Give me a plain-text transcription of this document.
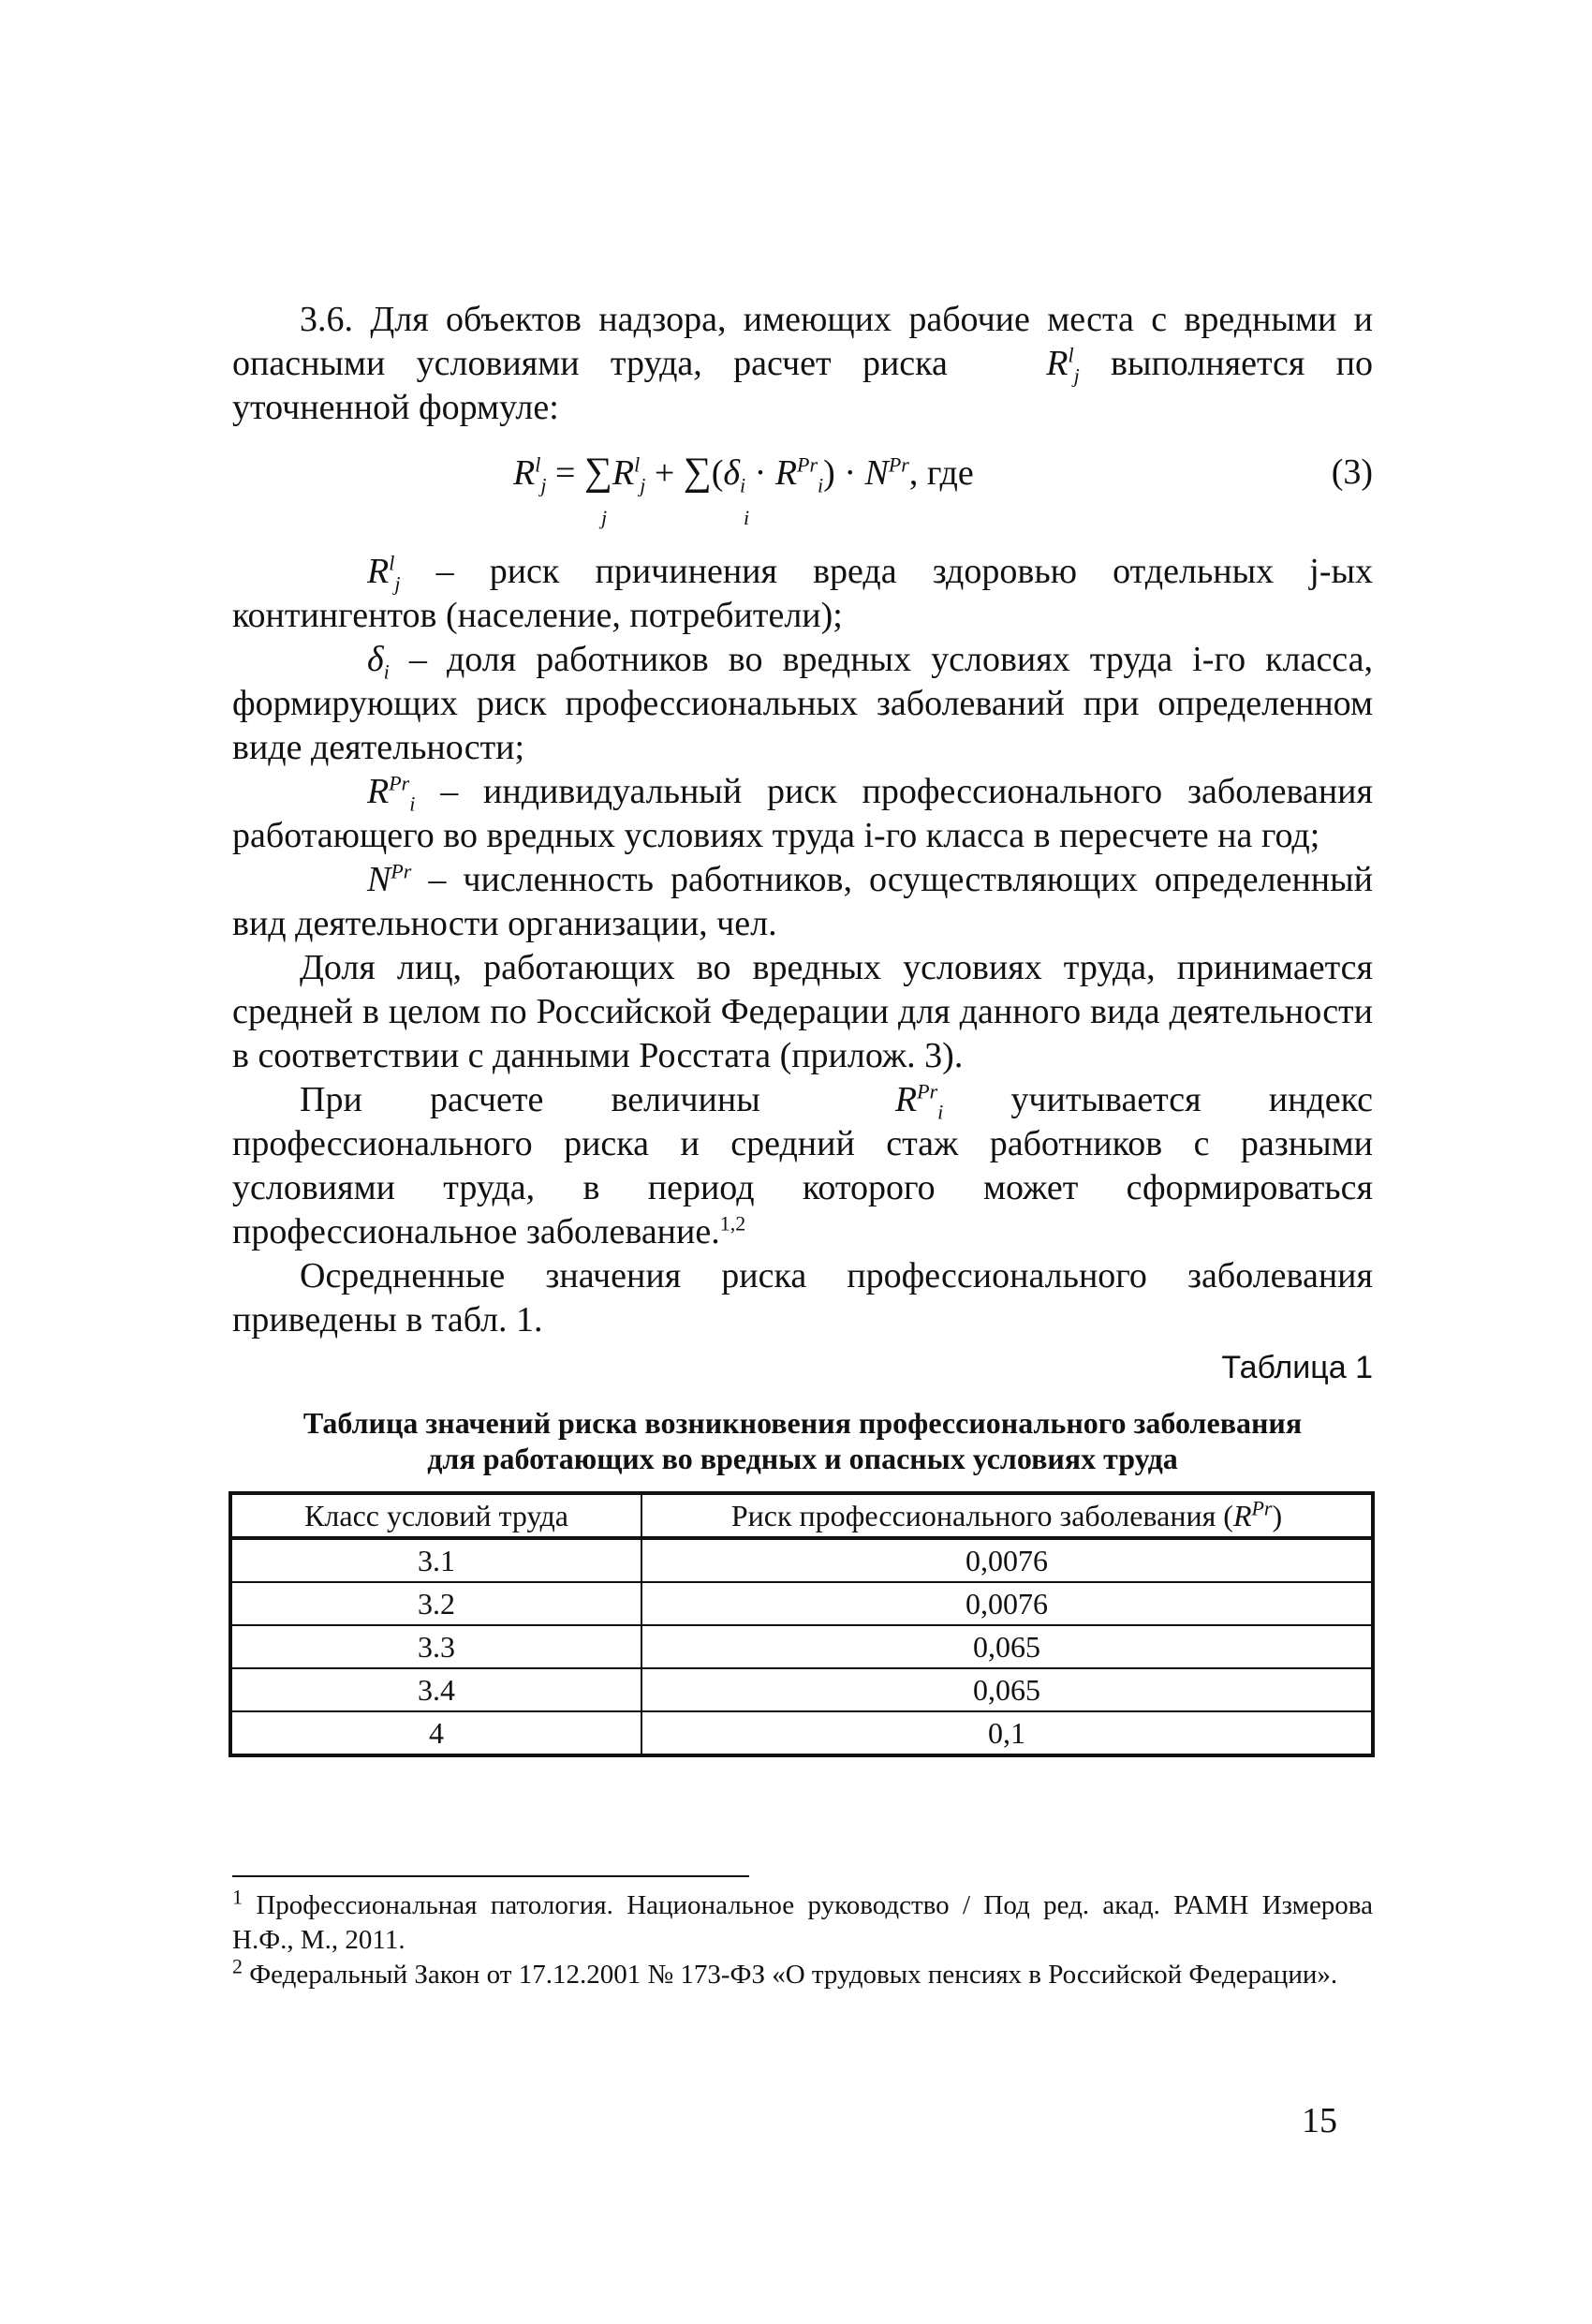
3.6. Для объектов надзора, имеющих рабочие места с вредными и опасными условиями труда, расчет риска	$R^l_j$ выполняется по уточненной формуле:

$R^l_j = \sum R^l_j + \sum(\delta_i \cdot R^{Pr}_i) \cdot N^{Pr}$, где
j	i
(3)

$R^l_j$ – риск причинения вреда здоровью отдельных j-ых контингентов (население, потребители);

$\delta_i$ – доля работников во вредных условиях труда i-го класса, формирующих риск профессиональных заболеваний при определенном виде деятельности;

$R^{Pr}_i$ – индивидуальный риск профессионального заболевания работающего во вредных условиях труда i-го класса в пересчете на год;

$N^{Pr}$ – численность работников, осуществляющих определенный вид деятельности организации, чел.

Доля лиц, работающих во вредных условиях труда, принимается средней в целом по Российской Федерации для данного вида деятельности в соответствии с данными Росстата (прилож. 3).

При расчете величины	$R^{Pr}_i$ учитывается индекс профессионального риска и средний стаж работников с разными условиями труда, в период которого может сформироваться профессиональное заболевание.$^{1,2}$

Осредненные значения риска профессионального заболевания приведены в табл. 1.

Таблица 1
Таблица значений риска возникновения профессионального заболевания
для работающих во вредных и опасных условиях труда
Класс условий труда	Риск профессионального заболевания $(R^{Pr})$
3.1	0,0076
3.2	0,0076
3.3	0,065
3.4	0,065
4	0,1

$^1$ Профессиональная патология. Национальное руководство / Под ред. акад. РАМН Измерова Н.Ф., М., 2011.

$^2$ Федеральный Закон от 17.12.2001 № 173-ФЗ «О трудовых пенсиях в Российской Федерации».

15
